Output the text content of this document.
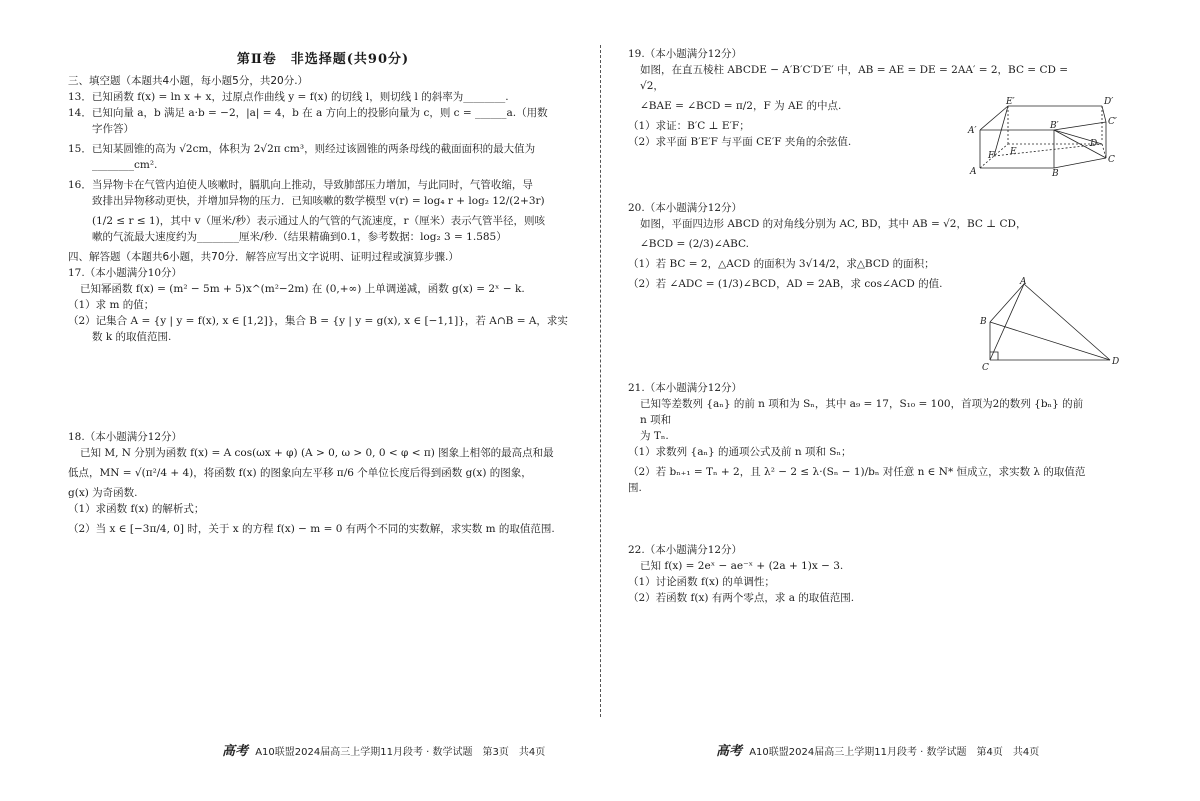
第Ⅱ卷　非选择题(共90分)
三、填空题（本题共4小题，每小题5分，共20分.）
13．已知函数 f(x) = ln x + x，过原点作曲线 y = f(x) 的切线 l，则切线 l 的斜率为________.
14．已知向量 a，b 满足 a·b = −2，|a| = 4，b 在 a 方向上的投影向量为 c，则 c = ______a.（用数
字作答）
15．已知某圆锥的高为 √2cm，体积为 2√2π cm³，则经过该圆锥的两条母线的截面面积的最大值为
________cm².
16．当异物卡在气管内迫使人咳嗽时，膈肌向上推动，导致肺部压力增加，与此同时，气管收缩，导
致排出异物移动更快，并增加异物的压力．已知咳嗽的数学模型 v(r) = log₄ r + log₂ 12/(2+3r)
(1/2 ≤ r ≤ 1)，其中 v（厘米/秒）表示通过人的气管的气流速度，r（厘米）表示气管半径，则咳
嗽的气流最大速度约为________厘米/秒.（结果精确到0.1，参考数据：log₂ 3 = 1.585）
四、解答题（本题共6小题，共70分．解答应写出文字说明、证明过程或演算步骤.）
17.（本小题满分10分）
已知幂函数 f(x) = (m² − 5m + 5)x^(m²−2m) 在 (0,+∞) 上单调递减，函数 g(x) = 2ˣ − k.
（1）求 m 的值；
（2）记集合 A = {y | y = f(x), x ∈ [1,2]}，集合 B = {y | y = g(x), x ∈ [−1,1]}，若 A∩B = A，求实
数 k 的取值范围.
18.（本小题满分12分）
已知 M, N 分别为函数 f(x) = A cos(ωx + φ) (A > 0, ω > 0, 0 < φ < π) 图象上相邻的最高点和最
低点，MN = √(π²/4 + 4)，将函数 f(x) 的图象向左平移 π/6 个单位长度后得到函数 g(x) 的图象，
g(x) 为奇函数.
（1）求函数 f(x) 的解析式；
（2）当 x ∈ [−3π/4, 0] 时，关于 x 的方程 f(x) − m = 0 有两个不同的实数解，求实数 m 的取值范围.
19.（本小题满分12分）
如图，在直五棱柱 ABCDE − A′B′C′D′E′ 中，AB = AE = DE = 2AA′ = 2，BC = CD = √2，
∠BAE = ∠BCD = π/2，F 为 AE 的中点.
（1）求证：B′C ⊥ E′F；
（2）求平面 B′E′F 与平面 CE′F 夹角的余弦值.
20.（本小题满分12分）
如图，平面四边形 ABCD 的对角线分别为 AC, BD，其中 AB = √2，BC ⊥ CD，
∠BCD = (2/3)∠ABC.
（1）若 BC = 2，△ACD 的面积为 3√14/2，求△BCD 的面积；
（2）若 ∠ADC = (1/3)∠BCD，AD = 2AB，求 cos∠ACD 的值.
21.（本小题满分12分）
已知等差数列 {aₙ} 的前 n 项和为 Sₙ，其中 a₉ = 17，S₁₀ = 100，首项为2的数列 {bₙ} 的前 n 项和
为 Tₙ.
（1）求数列 {aₙ} 的通项公式及前 n 项和 Sₙ；
（2）若 bₙ₊₁ = Tₙ + 2，且 λ² − 2 ≤ λ·(Sₙ − 1)/bₙ 对任意 n ∈ N* 恒成立，求实数 λ 的取值范围.
22.（本小题满分12分）
已知 f(x) = 2eˣ − ae⁻ˣ + (2a + 1)x − 3.
（1）讨论函数 f(x) 的单调性；
（2）若函数 f(x) 有两个零点，求 a 的取值范围.
E′	D′
A′	B′	C′
F E
D
C
A	B
A
B
C
D
高考 A10联盟2024届高三上学期11月段考 · 数学试题　第3页　共4页	高考 A10联盟2024届高三上学期11月段考 · 数学试题　第4页　共4页
